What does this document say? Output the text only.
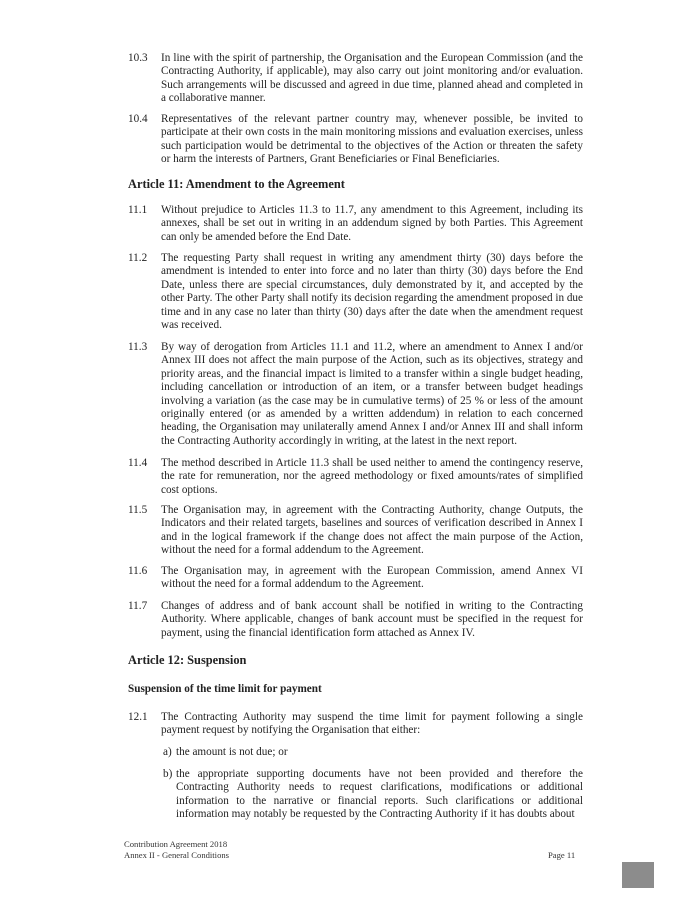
10.3 In line with the spirit of partnership, the Organisation and the European Commission (and the Contracting Authority, if applicable), may also carry out joint monitoring and/or evaluation. Such arrangements will be discussed and agreed in due time, planned ahead and completed in a collaborative manner.
10.4 Representatives of the relevant partner country may, whenever possible, be invited to participate at their own costs in the main monitoring missions and evaluation exercises, unless such participation would be detrimental to the objectives of the Action or threaten the safety or harm the interests of Partners, Grant Beneficiaries or Final Beneficiaries.
Article 11: Amendment to the Agreement
11.1 Without prejudice to Articles 11.3 to 11.7, any amendment to this Agreement, including its annexes, shall be set out in writing in an addendum signed by both Parties. This Agreement can only be amended before the End Date.
11.2 The requesting Party shall request in writing any amendment thirty (30) days before the amendment is intended to enter into force and no later than thirty (30) days before the End Date, unless there are special circumstances, duly demonstrated by it, and accepted by the other Party. The other Party shall notify its decision regarding the amendment proposed in due time and in any case no later than thirty (30) days after the date when the amendment request was received.
11.3 By way of derogation from Articles 11.1 and 11.2, where an amendment to Annex I and/or Annex III does not affect the main purpose of the Action, such as its objectives, strategy and priority areas, and the financial impact is limited to a transfer within a single budget heading, including cancellation or introduction of an item, or a transfer between budget headings involving a variation (as the case may be in cumulative terms) of 25 % or less of the amount originally entered (or as amended by a written addendum) in relation to each concerned heading, the Organisation may unilaterally amend Annex I and/or Annex III and shall inform the Contracting Authority accordingly in writing, at the latest in the next report.
11.4 The method described in Article 11.3 shall be used neither to amend the contingency reserve, the rate for remuneration, nor the agreed methodology or fixed amounts/rates of simplified cost options.
11.5 The Organisation may, in agreement with the Contracting Authority, change Outputs, the Indicators and their related targets, baselines and sources of verification described in Annex I and in the logical framework if the change does not affect the main purpose of the Action, without the need for a formal addendum to the Agreement.
11.6 The Organisation may, in agreement with the European Commission, amend Annex VI without the need for a formal addendum to the Agreement.
11.7 Changes of address and of bank account shall be notified in writing to the Contracting Authority. Where applicable, changes of bank account must be specified in the request for payment, using the financial identification form attached as Annex IV.
Article 12: Suspension
Suspension of the time limit for payment
12.1 The Contracting Authority may suspend the time limit for payment following a single payment request by notifying the Organisation that either:
a) the amount is not due; or
b) the appropriate supporting documents have not been provided and therefore the Contracting Authority needs to request clarifications, modifications or additional information to the narrative or financial reports. Such clarifications or additional information may notably be requested by the Contracting Authority if it has doubts about
Contribution Agreement 2018
Annex II - General Conditions	Page 11
